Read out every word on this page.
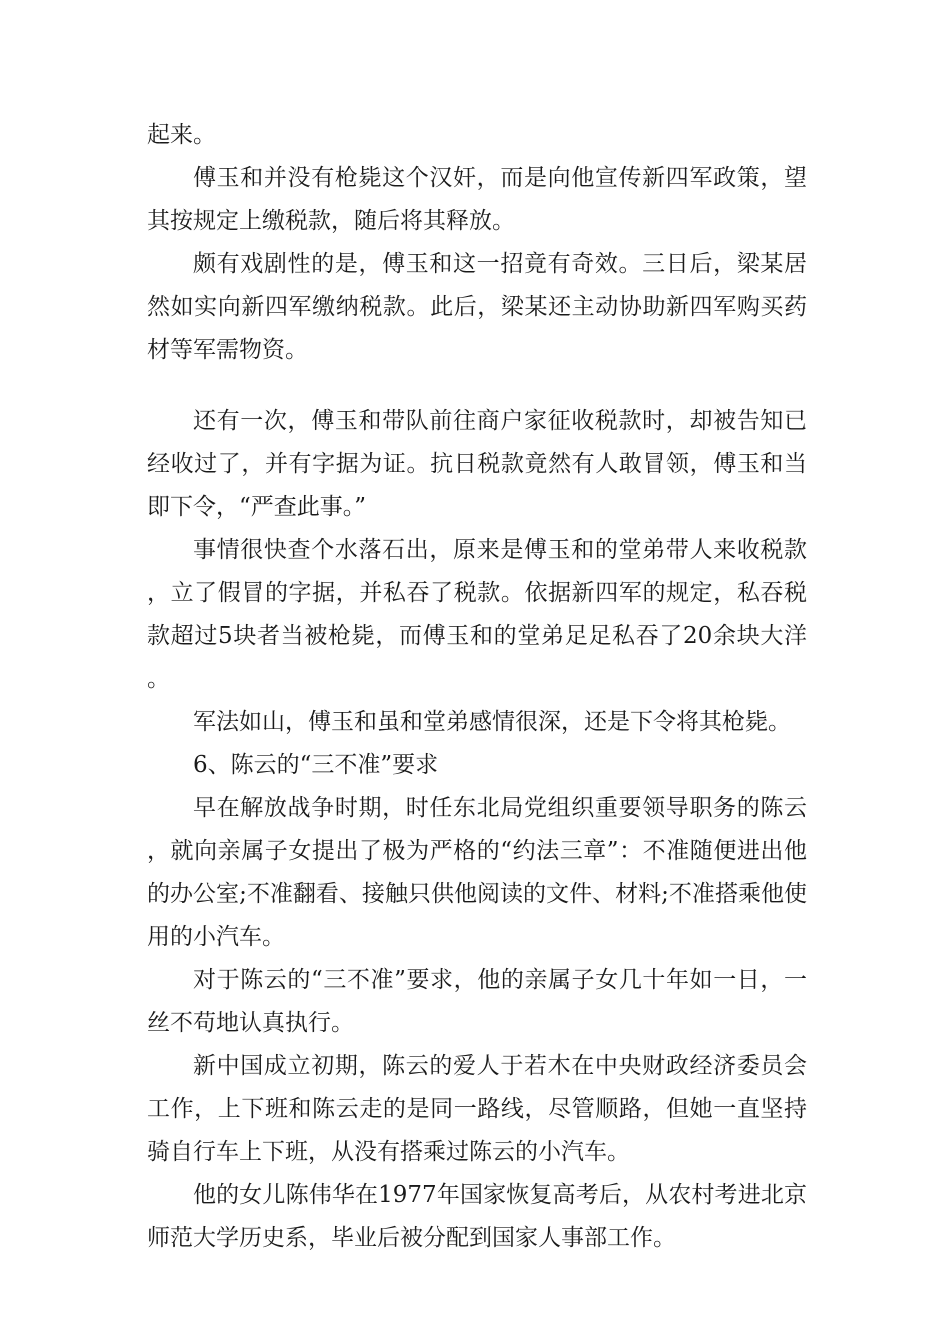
起来。

傅玉和并没有枪毙这个汉奸，而是向他宣传新四军政策，望其按规定上缴税款，随后将其释放。

颇有戏剧性的是，傅玉和这一招竟有奇效。三日后，梁某居然如实向新四军缴纳税款。此后，梁某还主动协助新四军购买药材等军需物资。

还有一次，傅玉和带队前往商户家征收税款时，却被告知已经收过了，并有字据为证。抗日税款竟然有人敢冒领，傅玉和当即下令，“严查此事。”

事情很快查个水落石出，原来是傅玉和的堂弟带人来收税款，立了假冒的字据，并私吞了税款。依据新四军的规定，私吞税款超过5块者当被枪毙，而傅玉和的堂弟足足私吞了20余块大洋。

军法如山，傅玉和虽和堂弟感情很深，还是下令将其枪毙。

6、陈云的“三不准”要求

早在解放战争时期，时任东北局党组织重要领导职务的陈云，就向亲属子女提出了极为严格的“约法三章”：不准随便进出他的办公室;不准翻看、接触只供他阅读的文件、材料;不准搭乘他使用的小汽车。

对于陈云的“三不准”要求，他的亲属子女几十年如一日，一丝不苟地认真执行。

新中国成立初期，陈云的爱人于若木在中央财政经济委员会工作，上下班和陈云走的是同一路线，尽管顺路，但她一直坚持骑自行车上下班，从没有搭乘过陈云的小汽车。

他的女儿陈伟华在1977年国家恢复高考后，从农村考进北京师范大学历史系，毕业后被分配到国家人事部工作。
